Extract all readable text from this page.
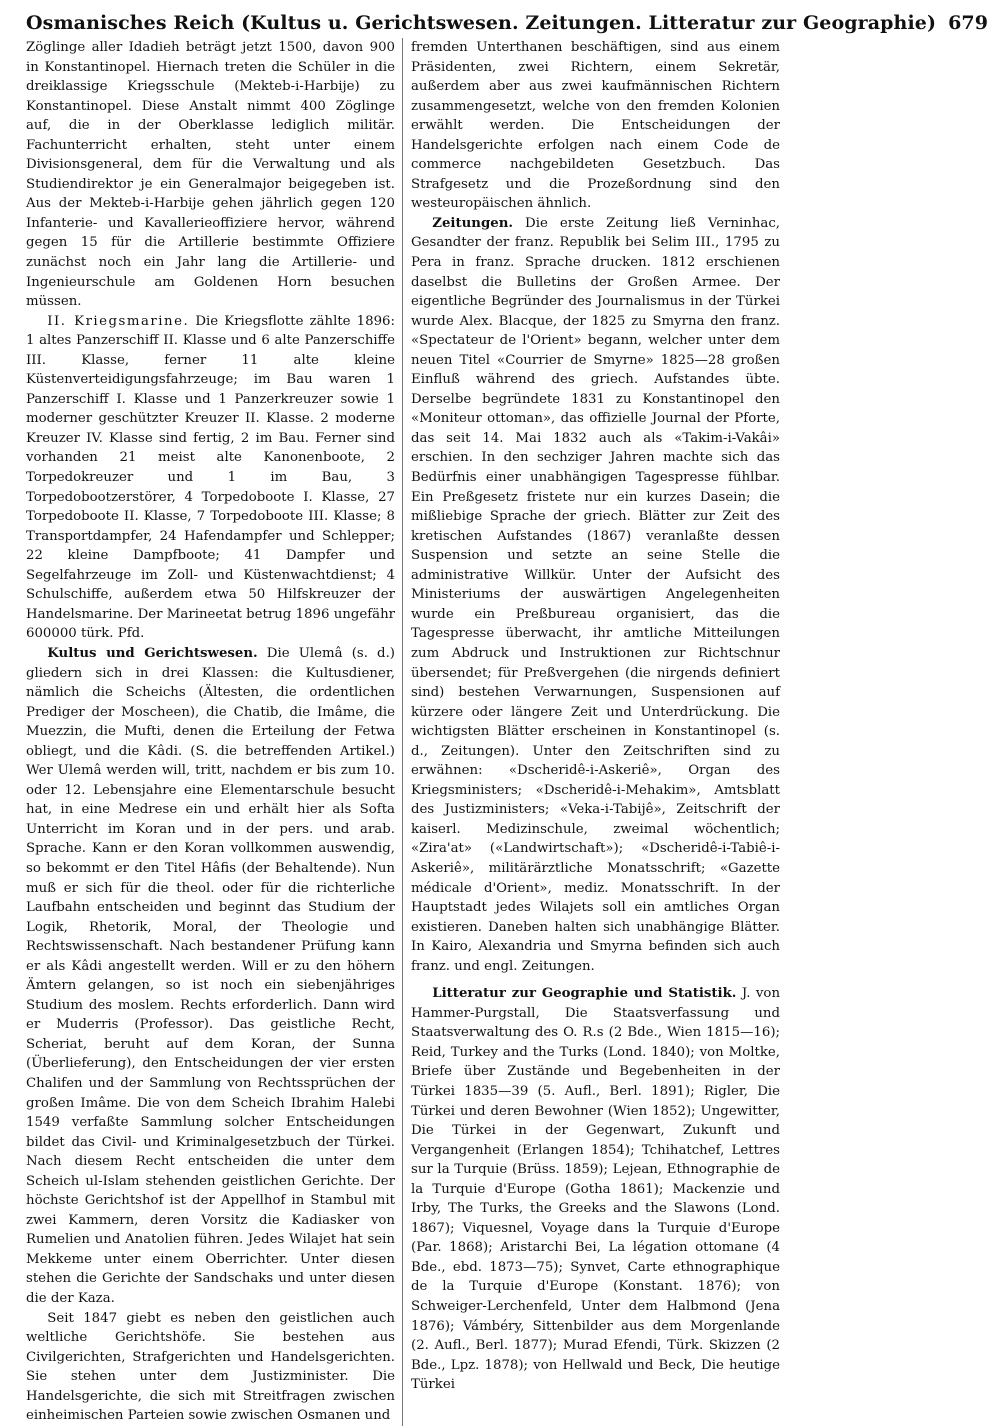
Osmanisches Reich (Kultus u. Gerichtswesen. Zeitungen. Litteratur zur Geographie) 679

Zöglinge aller Idadieh beträgt jetzt 1500, davon 900 in Konstantinopel. Hiernach treten die Schüler in die dreiklassige Kriegsschule (Mekteb-i-Harbije) zu Konstantinopel. Diese Anstalt nimmt 400 Zöglinge auf, die in der Oberklasse lediglich militär. Fachunterricht erhalten, steht unter einem Divisionsgeneral, dem für die Verwaltung und als Studiendirektor je ein Generalmajor beigegeben ist. Aus der Mekteb-i-Harbije gehen jährlich gegen 120 Infanterie- und Kavallerieoffiziere hervor, während gegen 15 für die Artillerie bestimmte Offiziere zunächst noch ein Jahr lang die Artillerie- und Ingenieurschule am Goldenen Horn besuchen müssen.

II. Kriegsmarine. Die Kriegsflotte zählte 1896: 1 altes Panzerschiff II. Klasse und 6 alte Panzerschiffe III. Klasse, ferner 11 alte kleine Küstenverteidigungsfahrzeuge; im Bau waren 1 Panzerschiff I. Klasse und 1 Panzerkreuzer sowie 1 moderner geschützter Kreuzer II. Klasse. 2 moderne Kreuzer IV. Klasse sind fertig, 2 im Bau. Ferner sind vorhanden 21 meist alte Kanonenboote, 2 Torpedokreuzer und 1 im Bau, 3 Torpedobootzerstörer, 4 Torpedoboote I. Klasse, 27 Torpedoboote II. Klasse, 7 Torpedoboote III. Klasse; 8 Transportdampfer, 24 Hafendampfer und Schlepper; 22 kleine Dampfboote; 41 Dampfer und Segelfahrzeuge im Zoll- und Küstenwachtdienst; 4 Schulschiffe, außerdem etwa 50 Hilfskreuzer der Handelsmarine. Der Marineetat betrug 1896 ungefähr 600000 türk. Pfd.

Kultus und Gerichtswesen. Die Ulemâ (s. d.) gliedern sich in drei Klassen: die Kultusdiener, nämlich die Scheichs (Ältesten, die ordentlichen Prediger der Moscheen), die Chatib, die Imâme, die Muezzin, die Mufti, denen die Erteilung der Fetwa obliegt, und die Kâdi. (S. die betreffenden Artikel.) Wer Ulemâ werden will, tritt, nachdem er bis zum 10. oder 12. Lebensjahre eine Elementarschule besucht hat, in eine Medrese ein und erhält hier als Softa Unterricht im Koran und in der pers. und arab. Sprache. Kann er den Koran vollkommen auswendig, so bekommt er den Titel Hâfis (der Behaltende). Nun muß er sich für die theol. oder für die richterliche Laufbahn entscheiden und beginnt das Studium der Logik, Rhetorik, Moral, der Theologie und Rechtswissenschaft. Nach bestandener Prüfung kann er als Kâdi angestellt werden. Will er zu den höhern Ämtern gelangen, so ist noch ein siebenjähriges Studium des moslem. Rechts erforderlich. Dann wird er Muderris (Professor). Das geistliche Recht, Scheriat, beruht auf dem Koran, der Sunna (Überlieferung), den Entscheidungen der vier ersten Chalifen und der Sammlung von Rechtssprüchen der großen Imâme. Die von dem Scheich Ibrahim Halebi 1549 verfaßte Sammlung solcher Entscheidungen bildet das Civil- und Kriminalgesetzbuch der Türkei. Nach diesem Recht entscheiden die unter dem Scheich ul-Islam stehenden geistlichen Gerichte. Der höchste Gerichtshof ist der Appellhof in Stambul mit zwei Kammern, deren Vorsitz die Kadiasker von Rumelien und Anatolien führen. Jedes Wilajet hat sein Mekkeme unter einem Oberrichter. Unter diesen stehen die Gerichte der Sandschaks und unter diesen die der Kaza.

Seit 1847 giebt es neben den geistlichen auch weltliche Gerichtshöfe. Sie bestehen aus Civilgerichten, Strafgerichten und Handelsgerichten. Sie stehen unter dem Justizminister. Die Handelsgerichte, die sich mit Streitfragen zwischen einheimischen Parteien sowie zwischen Osmanen und

fremden Unterthanen beschäftigen, sind aus einem Präsidenten, zwei Richtern, einem Sekretär, außerdem aber aus zwei kaufmännischen Richtern zusammengesetzt, welche von den fremden Kolonien erwählt werden. Die Entscheidungen der Handelsgerichte erfolgen nach einem Code de commerce nachgebildeten Gesetzbuch. Das Strafgesetz und die Prozeßordnung sind den westeuropäischen ähnlich.

Zeitungen. Die erste Zeitung ließ Verninhac, Gesandter der franz. Republik bei Selim III., 1795 zu Pera in franz. Sprache drucken. 1812 erschienen daselbst die Bulletins der Großen Armee. Der eigentliche Begründer des Journalismus in der Türkei wurde Alex. Blacque, der 1825 zu Smyrna den franz. «Spectateur de l'Orient» begann, welcher unter dem neuen Titel «Courrier de Smyrne» 1825—28 großen Einfluß während des griech. Aufstandes übte. Derselbe begründete 1831 zu Konstantinopel den «Moniteur ottoman», das offizielle Journal der Pforte, das seit 14. Mai 1832 auch als «Takim-i-Vakâi» erschien. In den sechziger Jahren machte sich das Bedürfnis einer unabhängigen Tagespresse fühlbar. Ein Preßgesetz fristete nur ein kurzes Dasein; die mißliebige Sprache der griech. Blätter zur Zeit des kretischen Aufstandes (1867) veranlaßte dessen Suspension und setzte an seine Stelle die administrative Willkür. Unter der Aufsicht des Ministeriums der auswärtigen Angelegenheiten wurde ein Preßbureau organisiert, das die Tagespresse überwacht, ihr amtliche Mitteilungen zum Abdruck und Instruktionen zur Richtschnur übersendet; für Preßvergehen (die nirgends definiert sind) bestehen Verwarnungen, Suspensionen auf kürzere oder längere Zeit und Unterdrückung. Die wichtigsten Blätter erscheinen in Konstantinopel (s. d., Zeitungen). Unter den Zeitschriften sind zu erwähnen: «Dscheridê-i-Askeriê», Organ des Kriegsministers; «Dscheridê-i-Mehakim», Amtsblatt des Justizministers; «Veka-i-Tabijê», Zeitschrift der kaiserl. Medizinschule, zweimal wöchentlich; «Zira'at» («Landwirtschaft»); «Dscheridê-i-Tabiê-i-Askeriê», militärärztliche Monatsschrift; «Gazette médicale d'Orient», mediz. Monatsschrift. In der Hauptstadt jedes Wilajets soll ein amtliches Organ existieren. Daneben halten sich unabhängige Blätter. In Kairo, Alexandria und Smyrna befinden sich auch franz. und engl. Zeitungen.

Litteratur zur Geographie und Statistik. J. von Hammer-Purgstall, Die Staatsverfassung und Staatsverwaltung des O. R.s (2 Bde., Wien 1815—16); Reid, Turkey and the Turks (Lond. 1840); von Moltke, Briefe über Zustände und Begebenheiten in der Türkei 1835—39 (5. Aufl., Berl. 1891); Rigler, Die Türkei und deren Bewohner (Wien 1852); Ungewitter, Die Türkei in der Gegenwart, Zukunft und Vergangenheit (Erlangen 1854); Tchihatchef, Lettres sur la Turquie (Brüss. 1859); Lejean, Ethnographie de la Turquie d'Europe (Gotha 1861); Mackenzie und Irby, The Turks, the Greeks and the Slawons (Lond. 1867); Viquesnel, Voyage dans la Turquie d'Europe (Par. 1868); Aristarchi Bei, La légation ottomane (4 Bde., ebd. 1873—75); Synvet, Carte ethnographique de la Turquie d'Europe (Konstant. 1876); von Schweiger-Lerchenfeld, Unter dem Halbmond (Jena 1876); Vámbéry, Sittenbilder aus dem Morgenlande (2. Aufl., Berl. 1877); Murad Efendi, Türk. Skizzen (2 Bde., Lpz. 1878); von Hellwald und Beck, Die heutige Türkei
